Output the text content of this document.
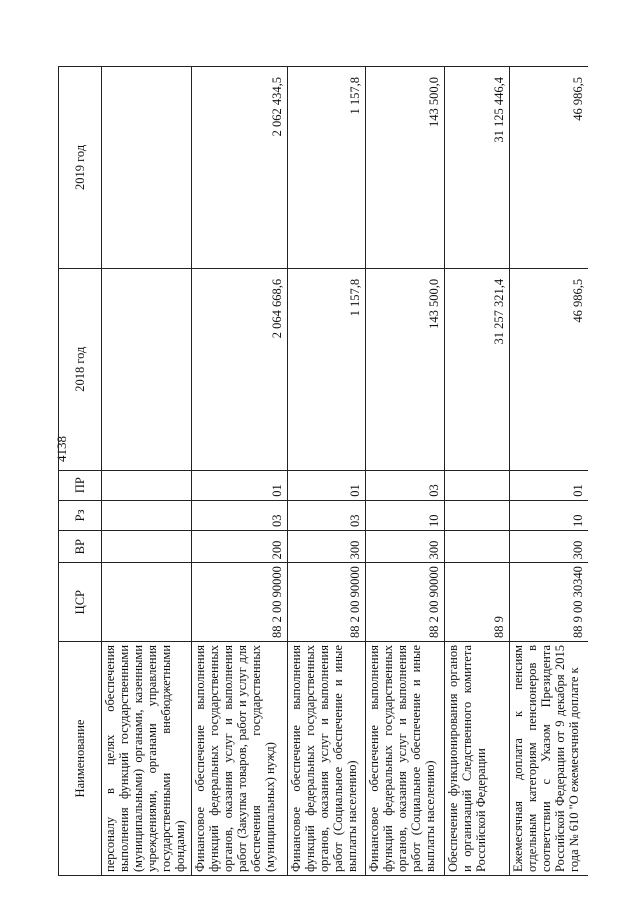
4138
Наименование	ЦСР	ВР	Рз	ПР	2018 год	2019 год
персоналу в целях обеспечения выполнения функций государственными (муниципальными) органами, казенными учреждениями, органами управления государственными внебюджетными фондами)						
Финансовое обеспечение выполнения функций федеральных государственных органов, оказания услуг и выполнения работ (Закупка товаров, работ и услуг для обеспечения государственных (муниципальных) нужд)	88 2 00 90000	200	03	01	2 064 668,6	2 062 434,5
Финансовое обеспечение выполнения функций федеральных государственных органов, оказания услуг и выполнения работ (Социальное обеспечение и иные выплаты населению)	88 2 00 90000	300	03	01	1 157,8	1 157,8
Финансовое обеспечение выполнения функций федеральных государственных органов, оказания услуг и выполнения работ (Социальное обеспечение и иные выплаты населению)	88 2 00 90000	300	10	03	143 500,0	143 500,0
Обеспечение функционирования органов и организаций Следственного комитета Российской Федерации	88 9				31 257 321,4	31 125 446,4
Ежемесячная доплата к пенсиям отдельным категориям пенсионеров в соответствии с Указом Президента Российской Федерации от 9 декабря 2015 года № 610 "О ежемесячной доплате к	88 9 00 30340	300	10	01	46 986,5	46 986,5
